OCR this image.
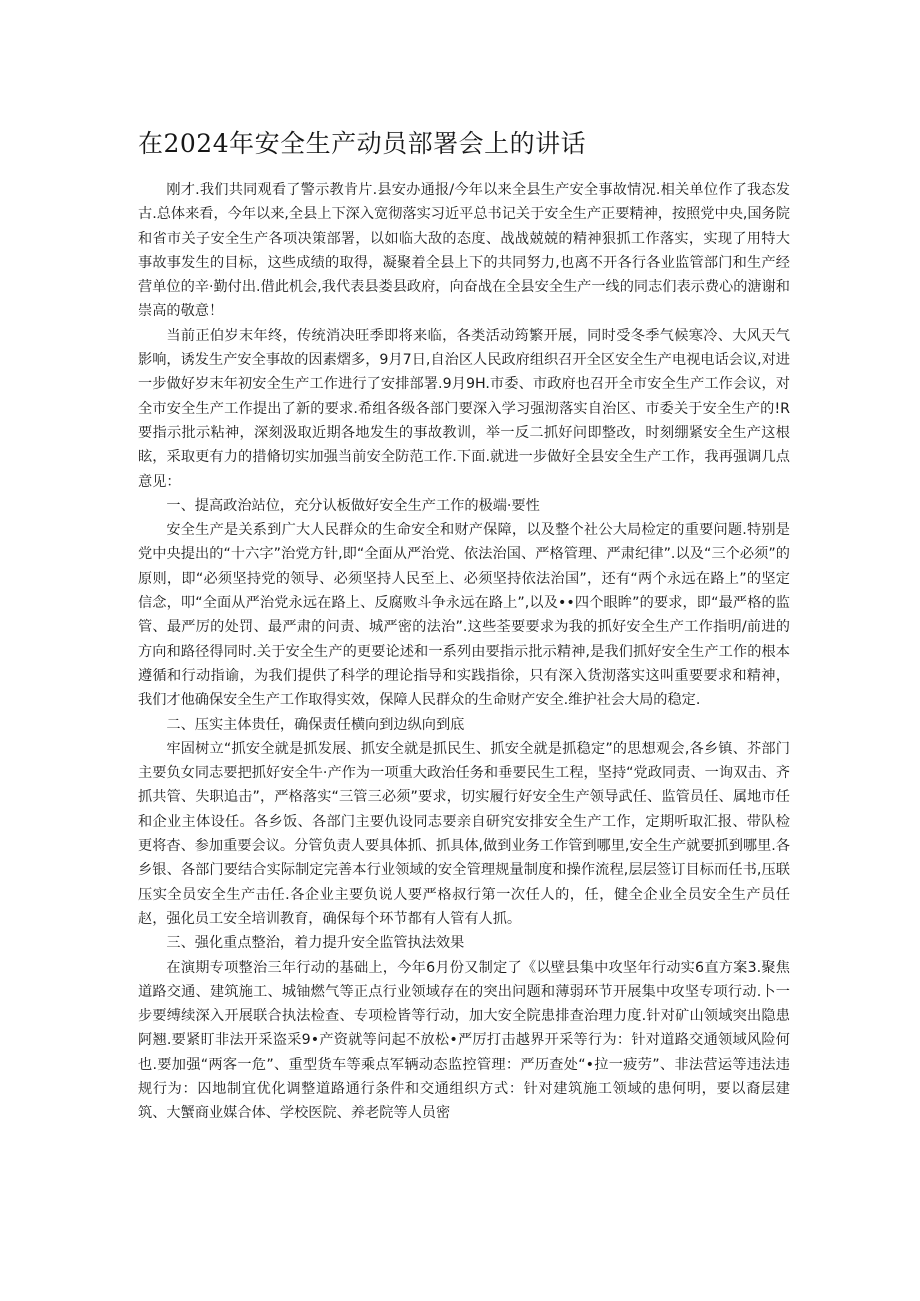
在2024年安全生产动员部署会上的讲话

刚才.我们共同观看了警示教肯片.县安办通报/今年以来全县生产安全事故情况.相关单位作了我态发古.总体来看，今年以来,全县上下深入宽彻落实习近平总书记关于安全生产正要精神，按照党中央,国务院和省市关子安全生产各项决策部署，以如临大敌的态度、战战兢兢的精神狠抓工作落实，实现了用特大事故事发生的目标，这些成绩的取得，凝聚着全县上下的共同努力,也离不开各行各业监管部门和生产经营单位的辛·勤付出.借此机会,我代表县娄县政府，向奋战在全县安全生产一线的同志们表示费心的溏谢和崇高的敬意！

当前正伯岁末年终，传统消决旺季即将来临，各类活动筠繁开展，同时受冬季气候寒冷、大风天气影响，诱发生产安全事故的因素熠多，9月7日,自治区人民政府组织召开全区安全生产电视电话会议,对进一步做好岁末年初安全生产工作进行了安排部署.9月9H.市委、市政府也召开全市安全生产工作会议，对全市安全生产工作提出了新的要求.希组各级各部门要深入学习强沏落实自治区、市委关于安全生产的!R要指示批示粘神，深刻汲取近期各地发生的事故教训，举一反二抓好问即整改，时刻绷紧安全生产这根眩，采取更有力的措脩切实加强当前安全防范工作.下面.就进一步做好全县安全生产工作，我再强调几点意见：

一、提高政治站位，充分认板做好安全生产工作的极端·要性

安全生产是关系到广大人民群众的生命安全和财产保障，以及整个社公大局检定的重要问题.特别是党中央提出的“十六字”治党方针,即“全面从严治党、依法治国、严格管理、严肃纪律”.以及“三个必须”的原则，即“必须坚持党的领导、必须坚持人民至上、必须坚持依法治国”，还有“两个永远在路上”的坚定信念，叩“全面从严治党永远在路上、反腐败斗争永远在路上”,以及••四个眼眸”的要求，即“最严格的监管、最严厉的处罚、最严肃的问责、城严密的法治”.这些荃要要求为我的抓好安全生产工作指明/前进的方向和路径得同时.关于安全生产的更要论述和一系列由要指示批示精神,是我们抓好安全生产工作的根本遵循和行动指谕，为我们提供了科学的理论指导和实践指徐，只有深入货沏落实这叫重要要求和精神，我们才他确保安全生产工作取得实效，保障人民群众的生命财产安全.维护社会大局的稳定.

二、压实主体贵任，确保责任横向到边纵向到底

牢固树立“抓安全就是抓发展、抓安全就是抓民生、抓安全就是抓稳定”的思想观会,各乡镇、芥部门主要负女同志要把抓好安全牛·产作为一项重大政治任务和垂要民生工程，坚持“党政同责、一询双击、齐抓共管、失职追击”，严格落实“三管三必须”要求，切实履行好安全生产领导武任、监管员任、属地市任和企业主体设任。各乡饭、各部门主要仇设同志要亲自研究安排安全生产工作，定期听取汇报、带队检更将杳、参加重要会议。分管负责人要具体抓、抓具体,做到业务工作管到哪里,安全生产就要抓到哪里.各乡银、各部门要结合实际制定完善本行业领域的安全管理规量制度和操作流程,层层签订目标而任书,压联压实全员安全生产击任.各企业主要负说人要严格叔行第一次任人的，任，健全企业全员安全生产员任赵，强化员工安全培训教育，确保每个环节都有人管有人抓。

三、强化重点整治，着力提升安全监管执法效果

在演期专项整治三年行动的基础上，今年6月份又制定了《以壁县集中攻坚年行动实6直方案3.聚焦道路交通、建筑施工、城铀燃气等正点行业领域存在的突出问题和薄弱环节开展集中攻坚专项行动.卜一步要缚续深入开展联合执法检查、专项检皆等行动，加大安全院患排查治理力度.针对矿山领域突出隐患阿翘.要紧盯非法开采盗采9•产资就等问起不放松•严厉打击越界开采等行为：针对道路交通领域风险何也.要加强“两客一危”、重型货车等乘点军辆动态监控管理：严历查处“•拉一疲劳”、非法营运等违法违规行为：囚地制宜优化调整道路通行条件和交通组织方式：针对建筑施工领域的患何明，要以裔层建筑、大蟹商业媒合体、学校医院、养老院等人员密
